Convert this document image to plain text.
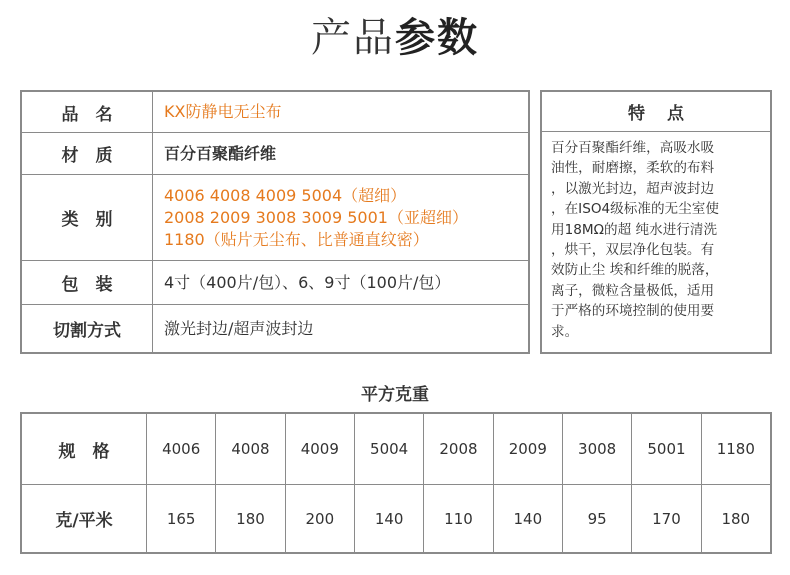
产品参数
品　名	KX防静电无尘布
材　质	百分百聚酯纤维
类　别
4006 4008 4009 5004（超细）
2008 2009 3008 3009 5001（亚超细）
1180（贴片无尘布、比普通直纹密）
包　装	4寸（400片/包）、6、9寸（100片/包）
切割方式	激光封边/超声波封边
特点
百分百聚酯纤维，高吸水吸
油性，耐磨擦，柔软的布料
，以激光封边，超声波封边
，在ISO4级标准的无尘室使
用18MΩ的超 纯水进行清洗
，烘干，双层净化包装。有
效防止尘 埃和纤维的脱落，
离子，微粒含量极低，适用
于严格的环境控制的使用要
求。
平方克重
规　格	4006	4008	4009	5004	2008	2009	3008	5001	1180
克/平米	165	180	200	140	110	140	95	170	180
